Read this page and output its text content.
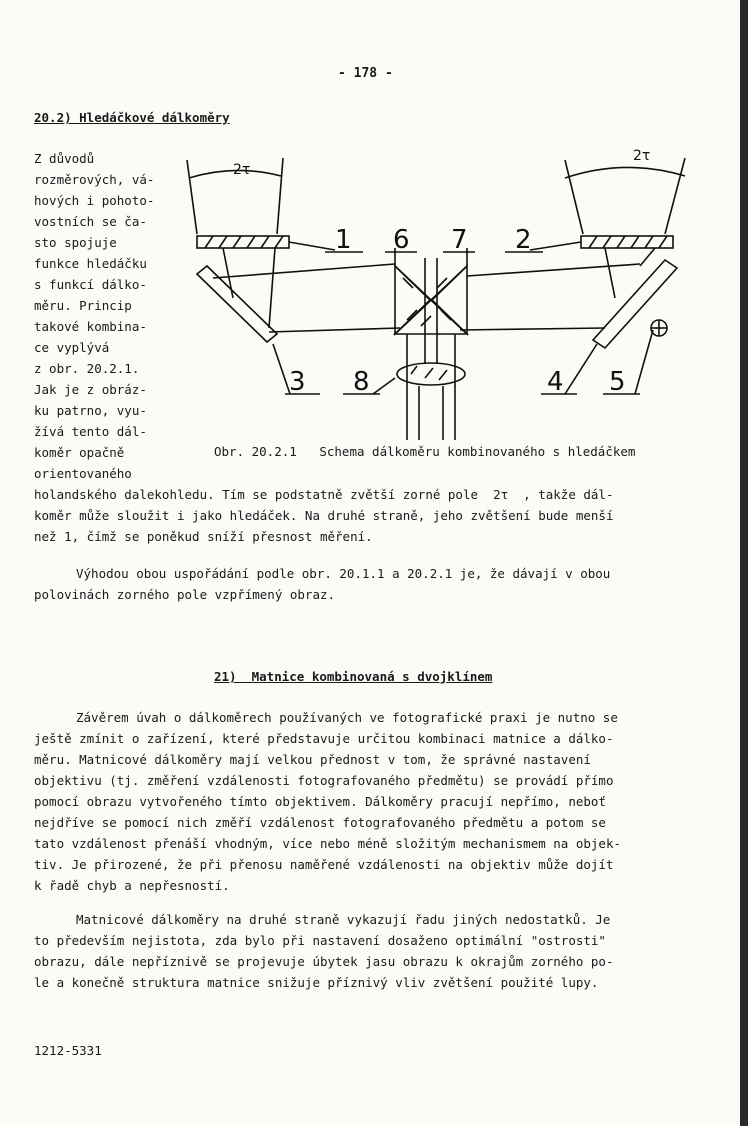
- 178 -
20.2) Hledáčkové dálkoměry
Z důvodů
rozměrových, vá-
hových i pohoto-
vostních se ča-
sto spojuje
funkce hledáčku
s funkcí dálko-
měru. Princip
takové kombina-
ce vyplývá
z obr. 20.2.1.
Jak je z obráz-
ku patrno, vyu-
žívá tento dál-
koměr opačně
orientovaného
2τ
2τ
1 6 7 2
3 8	4 5
Obr. 20.2.1   Schema dálkoměru kombinovaného s hledáčkem
holandského dalekohledu. Tím se podstatně zvětší zorné pole  2τ  , takže dál-
koměr může sloužit i jako hledáček. Na druhé straně, jeho zvětšení bude menší
než 1, čímž se poněkud sníží přesnost měření.
Výhodou obou uspořádání podle obr. 20.1.1 a 20.2.1 je, že dávají v obou
polovinách zorného pole vzpřímený obraz.
21)  Matnice kombinovaná s dvojklínem
Závěrem úvah o dálkoměrech používaných ve fotografické praxi je nutno se
ještě zmínit o zařízení, které představuje určitou kombinaci matnice a dálko-
měru. Matnicové dálkoměry mají velkou přednost v tom, že správné nastavení
objektivu (tj. změření vzdálenosti fotografovaného předmětu) se provádí přímo
pomocí obrazu vytvořeného tímto objektivem. Dálkoměry pracují nepřímo, neboť
nejdříve se pomocí nich změří vzdálenost fotografovaného předmětu a potom se
tato vzdálenost přenáší vhodným, více nebo méně složitým mechanismem na objek-
tiv. Je přirozené, že při přenosu naměřené vzdálenosti na objektiv může dojít
k řadě chyb a nepřesností.
Matnicové dálkoměry na druhé straně vykazují řadu jiných nedostatků. Je
to především nejistota, zda bylo při nastavení dosaženo optimální "ostrosti"
obrazu, dále nepříznivě se projevuje úbytek jasu obrazu k okrajům zorného po-
le a konečně struktura matnice snižuje příznivý vliv zvětšení použité lupy.
1212-5331
